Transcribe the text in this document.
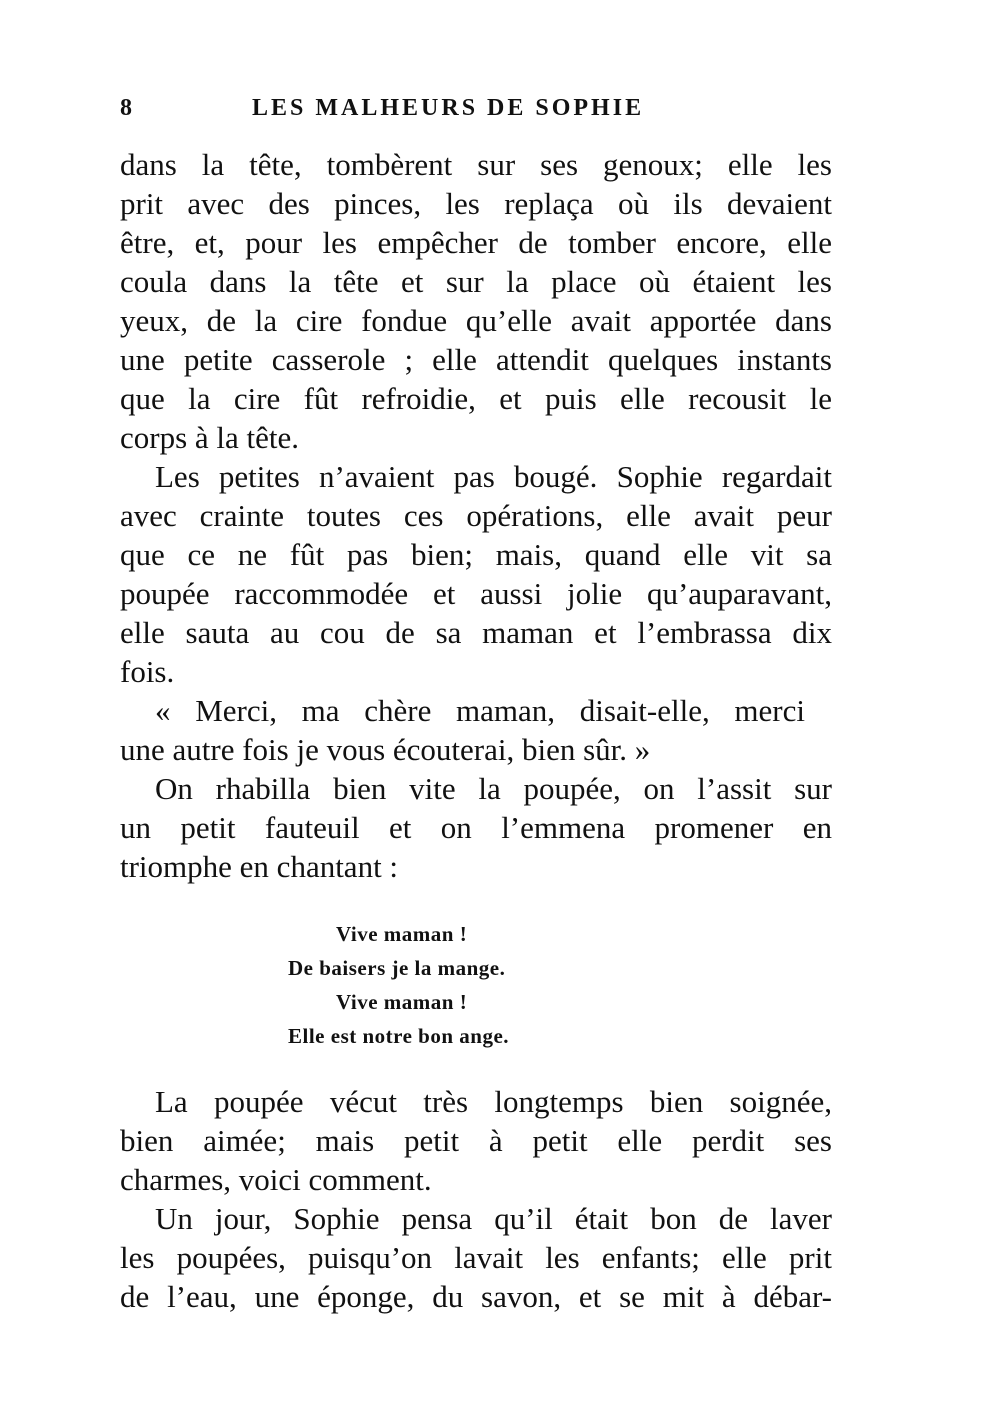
8	LES MALHEURS DE SOPHIE
dans la tête, tombèrent sur ses genoux; elle les
prit avec des pinces, les replaça où ils devaient
être, et, pour les empêcher de tomber encore, elle
coula dans la tête et sur la place où étaient les
yeux, de la cire fondue qu’elle avait apportée dans
une petite casserole ; elle attendit quelques instants
que la cire fût refroidie, et puis elle recousit le
corps à la tête.
Les petites n’avaient pas bougé. Sophie regardait
avec crainte toutes ces opérations, elle avait peur
que ce ne fût pas bien; mais, quand elle vit sa
poupée raccommodée et aussi jolie qu’auparavant,
elle sauta au cou de sa maman et l’embrassa dix
fois.
« Merci, ma chère maman, disait-elle, merci
une autre fois je vous écouterai, bien sûr. »
On rhabilla bien vite la poupée, on l’assit sur
un petit fauteuil et on l’emmena promener en
triomphe en chantant :
Vive maman !
De baisers je la mange.
Vive maman !
Elle est notre bon ange.
La poupée vécut très longtemps bien soignée,
bien aimée; mais petit à petit elle perdit ses
charmes, voici comment.
Un jour, Sophie pensa qu’il était bon de laver
les poupées, puisqu’on lavait les enfants; elle prit
de l’eau, une éponge, du savon, et se mit à débar-
